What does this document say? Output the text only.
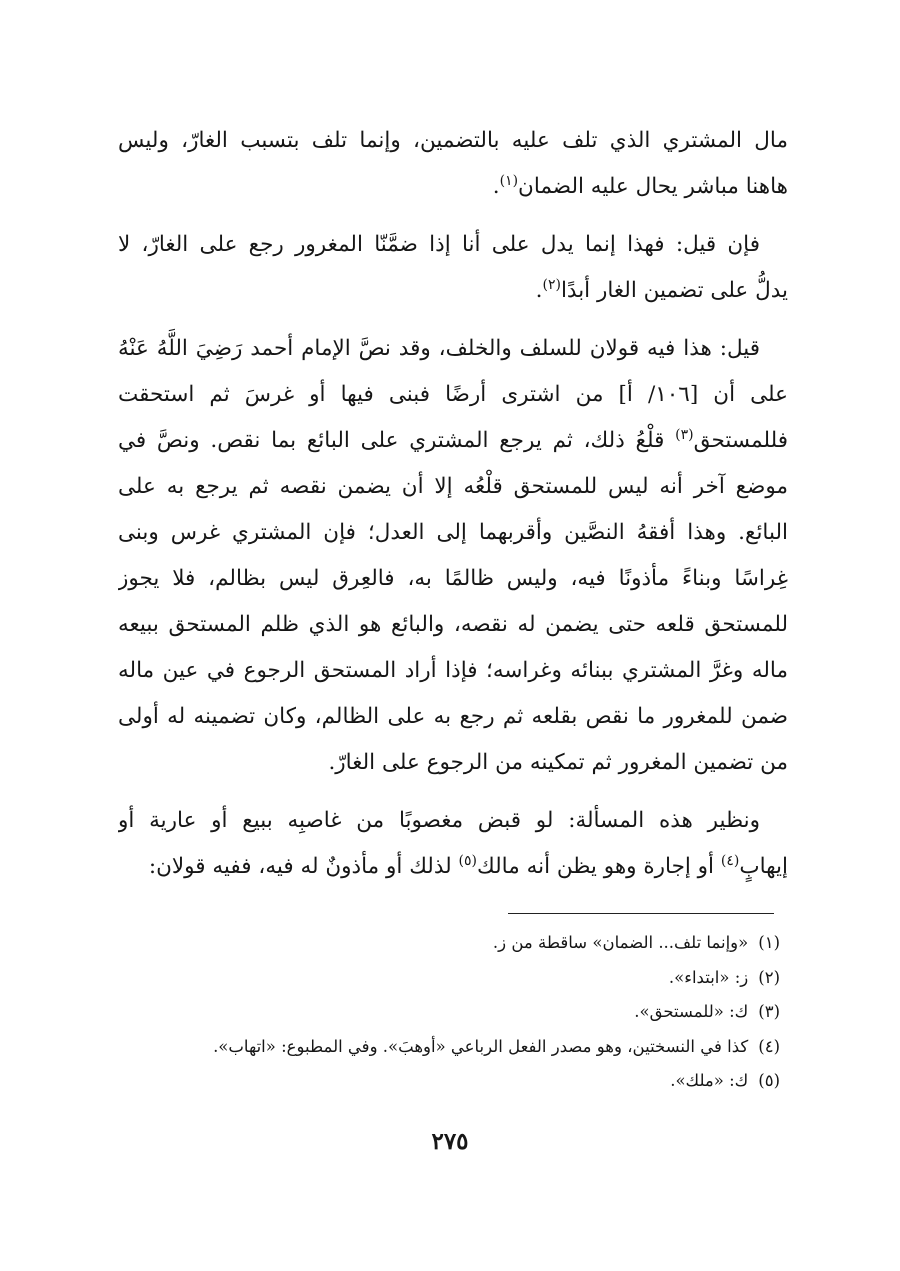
مال المشتري الذي تلف عليه بالتضمين، وإنما تلف بتسبب الغارّ، وليس
هاهنا مباشر يحال عليه الضمان$^{(١)}$.

فإن قيل: فهذا إنما يدل على أنا إذا ضمَّنّا المغرور رجع على الغارّ، لا
يدلُّ على تضمين الغار أبدًا$^{(٢)}$.

قيل: هذا فيه قولان للسلف والخلف، وقد نصَّ الإمام أحمد رَضِيَ اللَّهُ عَنْهُ
على أن [١٠٦/ أ] من اشترى أرضًا فبنى فيها أو غرسَ ثم استحقت
فللمستحق$^{(٣)}$ قلْعُ ذلك، ثم يرجع المشتري على البائع بما نقص. ونصَّ في
موضع آخر أنه ليس للمستحق قلْعُه إلا أن يضمن نقصه ثم يرجع به على
البائع. وهذا أفقهُ النصَّين وأقربهما إلى العدل؛ فإن المشتري غرس وبنى
غِراسًا وبناءً مأذونًا فيه، وليس ظالمًا به، فالعِرق ليس بظالم، فلا يجوز
للمستحق قلعه حتى يضمن له نقصه، والبائع هو الذي ظلم المستحق ببيعه
ماله وغرَّ المشتري ببنائه وغراسه؛ فإذا أراد المستحق الرجوع في عين ماله
ضمن للمغرور ما نقص بقلعه ثم رجع به على الظالم، وكان تضمينه له أولى
من تضمين المغرور ثم تمكينه من الرجوع على الغارّ.

ونظير هذه المسألة: لو قبض مغصوبًا من غاصبِه ببيع أو عارية أو
إيهابٍ$^{(٤)}$ أو إجارة وهو يظن أنه مالك$^{(٥)}$ لذلك أو مأذونٌ له فيه، ففيه قولان:

(١)«وإنما تلف... الضمان» ساقطة من ز.
(٢)ز: «ابتداء».
(٣)ك: «للمستحق».
(٤)كذا في النسختين، وهو مصدر الفعل الرباعي «أوهبَ». وفي المطبوع: «اتهاب».
(٥)ك: «ملك».
٢٧٥
